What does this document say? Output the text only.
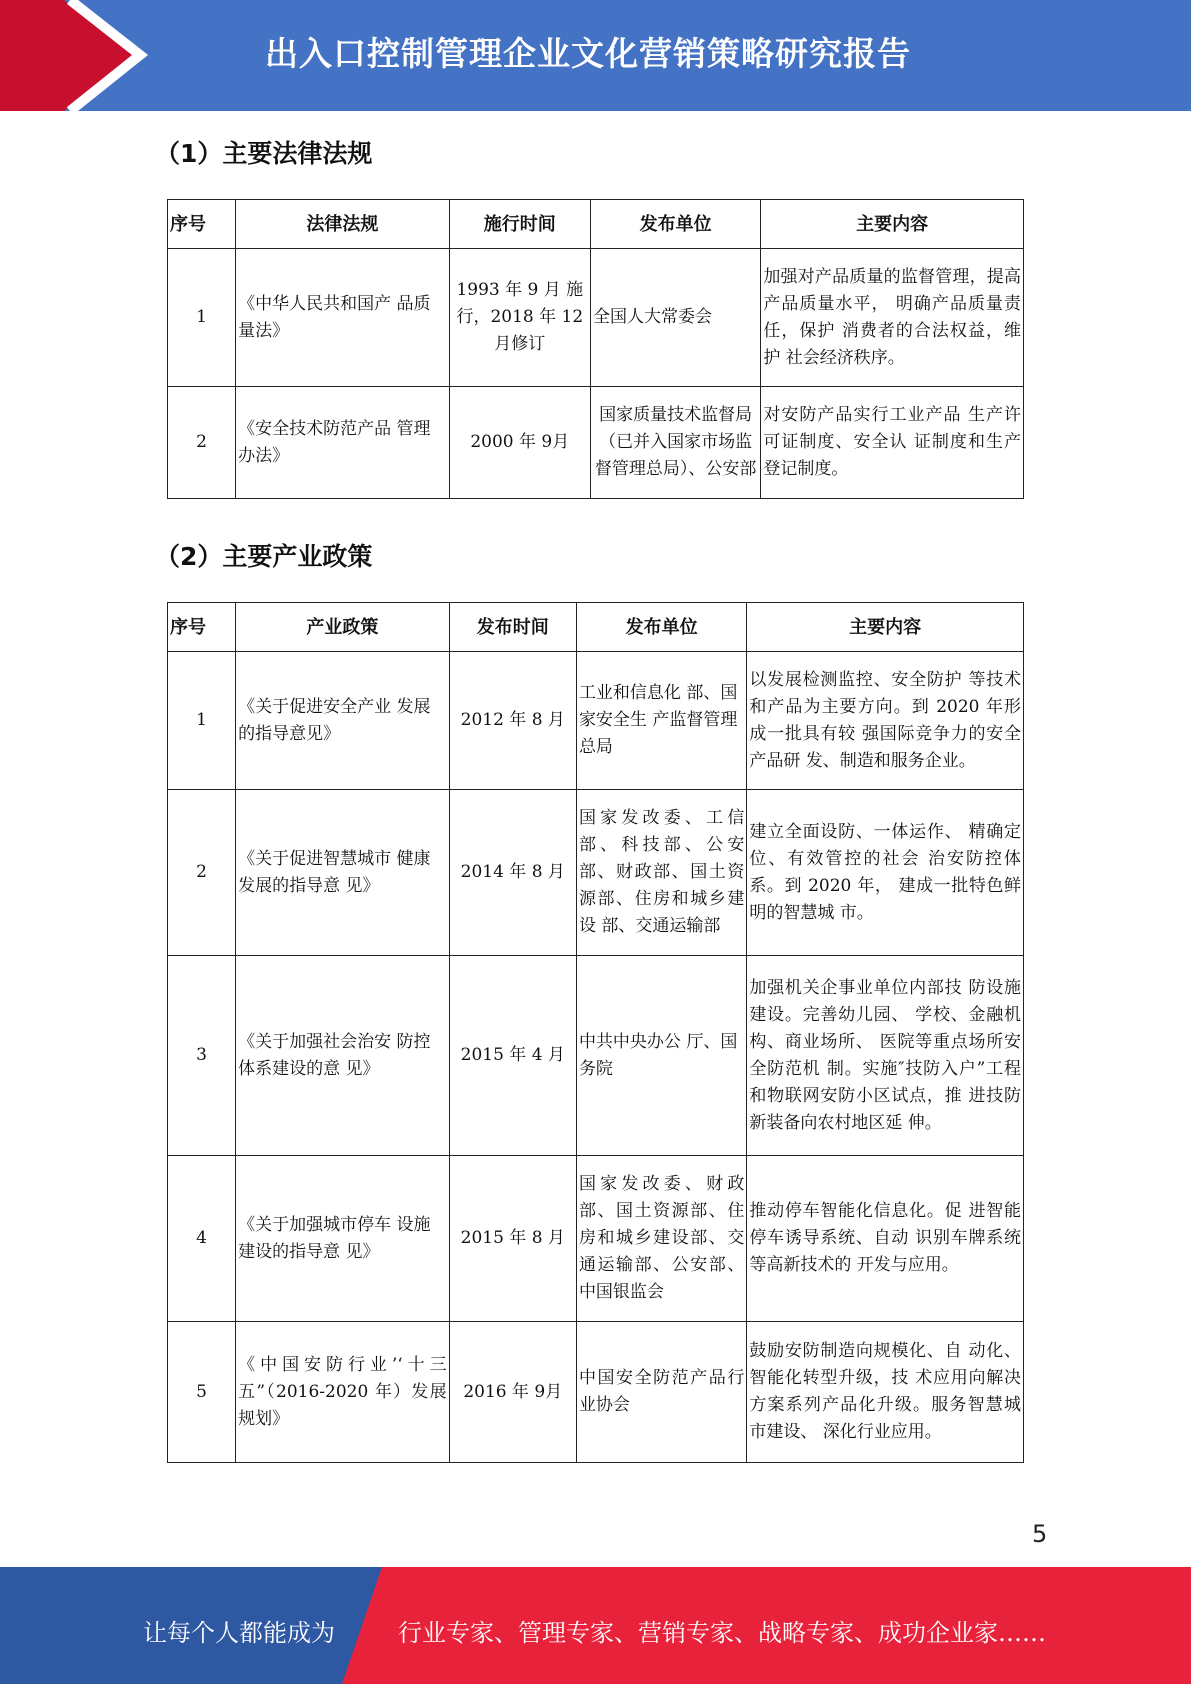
出入口控制管理企业文化营销策略研究报告
（1）主要法律法规
序号	法律法规	施行时间	发布单位	主要内容
1	《中华人民共和国产 品质量法》	1993 年 9 月 施行，2018 年 12 月修订	全国人大常委会	加强对产品质量的监督管理，提高产品质量水平， 明确产品质量责任，保护 消费者的合法权益，维护 社会经济秩序。
2	《安全技术防范产品 管理办法》	2000 年 9月	国家质量技术监督局（已并入国家市场监督管理总局）、公安部	对安防产品实行工业产品 生产许可证制度、安全认 证制度和生产登记制度。
（2）主要产业政策
序号	产业政策	发布时间	发布单位	主要内容
1	《关于促进安全产业 发展的指导意见》	2012 年 8 月	工业和信息化 部、国家安全生 产监督管理总局	以发展检测监控、安全防护 等技术和产品为主要方向。到 2020 年形成一批具有较 强国际竞争力的安全产品研 发、制造和服务企业。
2	《关于促进智慧城市 健康发展的指导意 见》	2014 年 8 月	国家发改委、工信部、科技部、公安部、财政部、国土资源部、住房和城乡建设 部、交通运输部	建立全面设防、一体运作、 精确定位、有效管控的社会 治安防控体系。到 2020 年， 建成一批特色鲜明的智慧城 市。
3	《关于加强社会治安 防控体系建设的意 见》	2015 年 4 月	中共中央办公 厅、国务院	加强机关企事业单位内部技 防设施建设。完善幼儿园、 学校、金融机构、商业场所、 医院等重点场所安全防范机 制。实施″技防入户”工程 和物联网安防小区试点，推 进技防新装备向农村地区延 伸。
4	《关于加强城市停车 设施建设的指导意 见》	2015 年 8 月	国家发改委、财政部、国土资源部、住房和城乡建设部、交通运输部、公安部、中国银监会	推动停车智能化信息化。促 进智能停车诱导系统、自动 识别车牌系统等高新技术的 开发与应用。
5	《中国安防行业’‘十三五”（2016-2020 年）发展规划》	2016 年 9月	中国安全防范产品行业协会	鼓励安防制造向规模化、自 动化、智能化转型升级，技 术应用向解决方案系列产品化升级。服务智慧城市建设、 深化行业应用。
5
让每个人都能成为	行业专家、管理专家、营销专家、战略专家、成功企业家……
